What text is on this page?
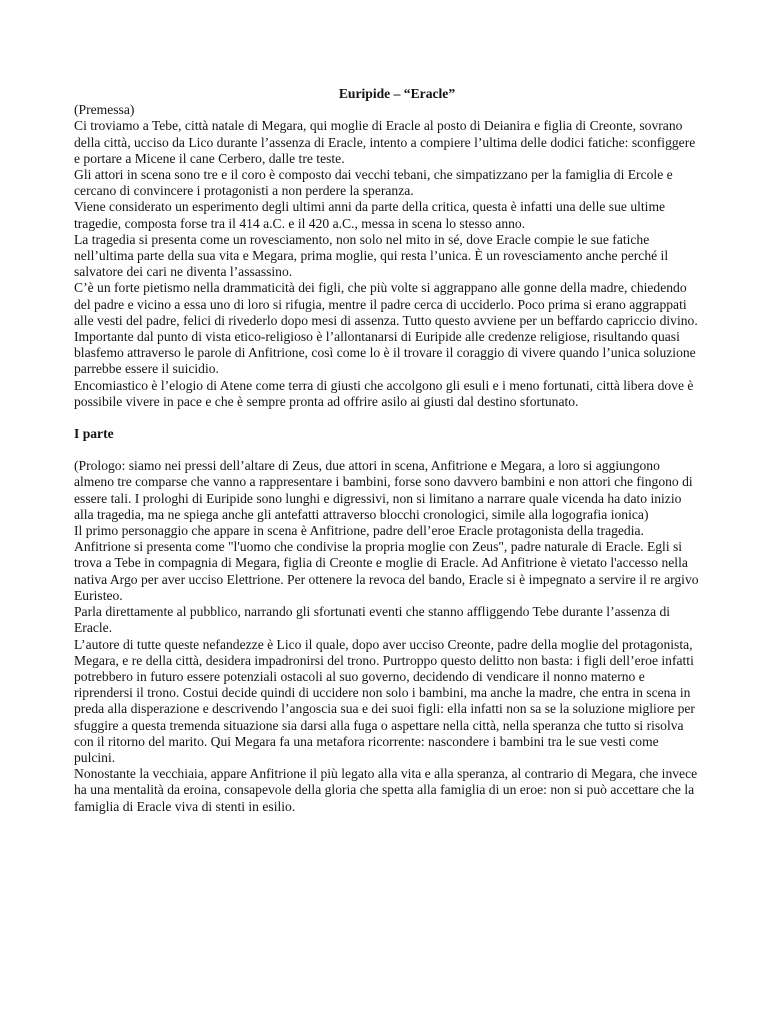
Euripide – “Eracle”

(Premessa)

Ci troviamo a Tebe, città natale di Megara, qui moglie di Eracle al posto di Deianira e figlia di Creonte, sovrano della città, ucciso da Lico durante l’assenza di Eracle, intento a compiere l’ultima delle dodici fatiche: sconfiggere e portare a Micene il cane Cerbero, dalle tre teste.

Gli attori in scena sono tre e il coro è composto dai vecchi tebani, che simpatizzano per la famiglia di Ercole e cercano di convincere i protagonisti a non perdere la speranza.

Viene considerato un esperimento degli ultimi anni da parte della critica, questa è infatti una delle sue ultime tragedie, composta forse tra il 414 a.C. e il 420 a.C., messa in scena lo stesso anno.

La tragedia si presenta come un rovesciamento, non solo nel mito in sé, dove Eracle compie le sue fatiche nell’ultima parte della sua vita e Megara, prima moglie, qui resta l’unica. È un rovesciamento anche perché il salvatore dei cari ne diventa l’assassino.

C’è un forte pietismo nella drammaticità dei figli, che più volte si aggrappano alle gonne della madre, chiedendo del padre e vicino a essa uno di loro si rifugia, mentre il padre cerca di ucciderlo. Poco prima si erano aggrappati alle vesti del padre, felici di rivederlo dopo mesi di assenza. Tutto questo avviene per un beffardo capriccio divino.

Importante dal punto di vista etico-religioso è l’allontanarsi di Euripide alle credenze religiose, risultando quasi blasfemo attraverso le parole di Anfitrione, così come lo è il trovare il coraggio di vivere quando l’unica soluzione parrebbe essere il suicidio.

Encomiastico è l’elogio di Atene come terra di giusti che accolgono gli esuli e i meno fortunati, città libera dove è possibile vivere in pace e che è sempre pronta ad offrire asilo ai giusti dal destino sfortunato.

I parte

(Prologo: siamo nei pressi dell’altare di Zeus, due attori in scena, Anfitrione e Megara, a loro si aggiungono almeno tre comparse che vanno a rappresentare i bambini, forse sono davvero bambini e non attori che fingono di essere tali. I prologhi di Euripide sono lunghi e digressivi, non si limitano a narrare quale vicenda ha dato inizio alla tragedia, ma ne spiega anche gli antefatti attraverso blocchi cronologici, simile alla logografia ionica)

Il primo personaggio che appare in scena è Anfitrione, padre dell’eroe Eracle protagonista della tragedia. Anfitrione si presenta come "l'uomo che condivise la propria moglie con Zeus", padre naturale di Eracle. Egli si trova a Tebe in compagnia di Megara, figlia di Creonte e moglie di Eracle. Ad Anfitrione è vietato l'accesso nella nativa Argo per aver ucciso Elettrione. Per ottenere la revoca del bando, Eracle si è impegnato a servire il re argivo Euristeo.

Parla direttamente al pubblico, narrando gli sfortunati eventi che stanno affliggendo Tebe durante l’assenza di Eracle.

L’autore di tutte queste nefandezze è Lico il quale, dopo aver ucciso Creonte, padre della moglie del protagonista, Megara, e re della città, desidera impadronirsi del trono. Purtroppo questo delitto non basta: i figli dell’eroe infatti potrebbero in futuro essere potenziali ostacoli al suo governo, decidendo di vendicare il nonno materno e riprendersi il trono. Costui decide quindi di uccidere non solo i bambini, ma anche la madre, che entra in scena in preda alla disperazione e descrivendo l’angoscia sua e dei suoi figli: ella infatti non sa se la soluzione migliore per sfuggire a questa tremenda situazione sia darsi alla fuga o aspettare nella città, nella speranza che tutto si risolva con il ritorno del marito. Qui Megara fa una metafora ricorrente: nascondere i bambini tra le sue vesti come pulcini.

Nonostante la vecchiaia, appare Anfitrione il più legato alla vita e alla speranza, al contrario di Megara, che invece ha una mentalità da eroina, consapevole della gloria che spetta alla famiglia di un eroe: non si può accettare che la famiglia di Eracle viva di stenti in esilio.
